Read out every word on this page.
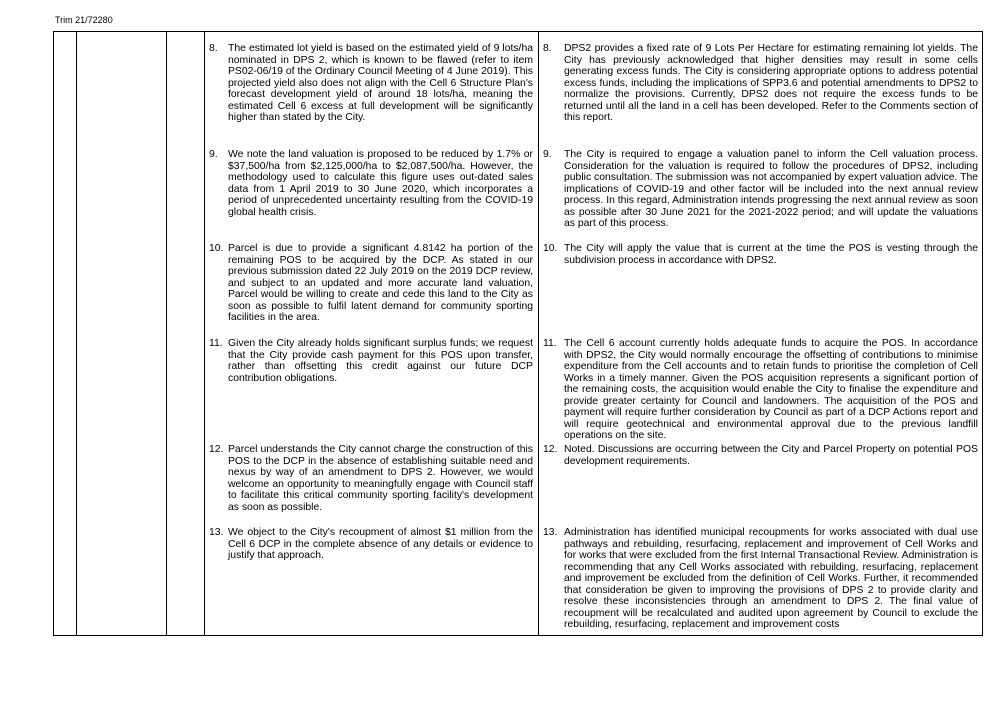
Trim 21/72280
8. The estimated lot yield is based on the estimated yield of 9 lots/ha nominated in DPS 2, which is known to be flawed (refer to item PS02-06/19 of the Ordinary Council Meeting of 4 June 2019). This projected yield also does not align with the Cell 6 Structure Plan's forecast development yield of around 18 lots/ha, meaning the estimated Cell 6 excess at full development will be significantly higher than stated by the City.
9. We note the land valuation is proposed to be reduced by 1.7% or $37,500/ha from $2,125,000/ha to $2,087,500/ha. However, the methodology used to calculate this figure uses out-dated sales data from 1 April 2019 to 30 June 2020, which incorporates a period of unprecedented uncertainty resulting from the COVID-19 global health crisis.
10. Parcel is due to provide a significant 4.8142 ha portion of the remaining POS to be acquired by the DCP. As stated in our previous submission dated 22 July 2019 on the 2019 DCP review, and subject to an updated and more accurate land valuation, Parcel would be willing to create and cede this land to the City as soon as possible to fulfil latent demand for community sporting facilities in the area.
11. Given the City already holds significant surplus funds; we request that the City provide cash payment for this POS upon transfer, rather than offsetting this credit against our future DCP contribution obligations.
12. Parcel understands the City cannot charge the construction of this POS to the DCP in the absence of establishing suitable need and nexus by way of an amendment to DPS 2. However, we would welcome an opportunity to meaningfully engage with Council staff to facilitate this critical community sporting facility's development as soon as possible.
13. We object to the City's recoupment of almost $1 million from the Cell 6 DCP in the complete absence of any details or evidence to justify that approach.
8. DPS2 provides a fixed rate of 9 Lots Per Hectare for estimating remaining lot yields. The City has previously acknowledged that higher densities may result in some cells generating excess funds. The City is considering appropriate options to address potential excess funds, including the implications of SPP3.6 and potential amendments to DPS2 to normalize the provisions. Currently, DPS2 does not require the excess funds to be returned until all the land in a cell has been developed. Refer to the Comments section of this report.
9. The City is required to engage a valuation panel to inform the Cell valuation process. Consideration for the valuation is required to follow the procedures of DPS2, including public consultation. The submission was not accompanied by expert valuation advice. The implications of COVID-19 and other factor will be included into the next annual review process. In this regard, Administration intends progressing the next annual review as soon as possible after 30 June 2021 for the 2021-2022 period; and will update the valuations as part of this process.
10. The City will apply the value that is current at the time the POS is vesting through the subdivision process in accordance with DPS2.
11. The Cell 6 account currently holds adequate funds to acquire the POS. In accordance with DPS2, the City would normally encourage the offsetting of contributions to minimise expenditure from the Cell accounts and to retain funds to prioritise the completion of Cell Works in a timely manner. Given the POS acquisition represents a significant portion of the remaining costs, the acquisition would enable the City to finalise the expenditure and provide greater certainty for Council and landowners. The acquisition of the POS and payment will require further consideration by Council as part of a DCP Actions report and will require geotechnical and environmental approval due to the previous landfill operations on the site.
12. Noted. Discussions are occurring between the City and Parcel Property on potential POS development requirements.
13. Administration has identified municipal recoupments for works associated with dual use pathways and rebuilding, resurfacing, replacement and improvement of Cell Works and for works that were excluded from the first Internal Transactional Review. Administration is recommending that any Cell Works associated with rebuilding, resurfacing, replacement and improvement be excluded from the definition of Cell Works. Further, it recommended that consideration be given to improving the provisions of DPS 2 to provide clarity and resolve these inconsistencies through an amendment to DPS 2. The final value of recoupment will be recalculated and audited upon agreement by Council to exclude the rebuilding, resurfacing, replacement and improvement costs
